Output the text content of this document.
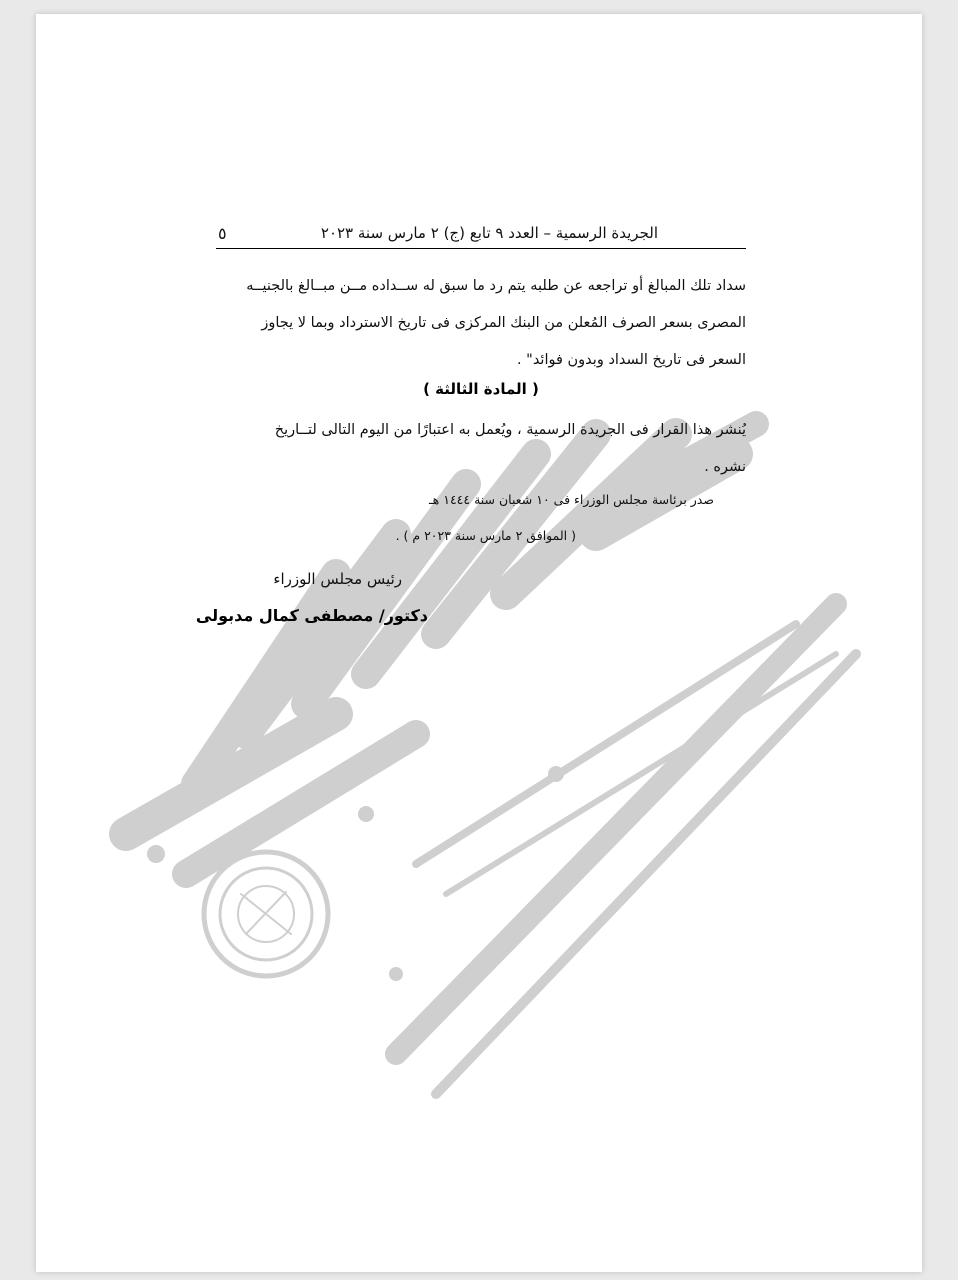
الجريدة الرسمية – العدد ٩ تابع (ج) ٢ مارس سنة ٢٠٢٣
٥
سداد تلك المبالغ أو تراجعه عن طلبه يتم رد ما سبق له ســداده مــن مبــالغ بالجنيــه
المصرى بسعر الصرف المُعلن من البنك المركزى فى تاريخ الاسترداد وبما لا يجاوز
السعر فى تاريخ السداد وبدون فوائد" .
( المادة الثالثة )
يُنشر هذا القرار فى الجريدة الرسمية ، ويُعمل به اعتبارًا من اليوم التالى لتــاريخ
نشره .
صدر برئاسة مجلس الوزراء فى ١٠ شعبان سنة ١٤٤٤ هـ
( الموافق ٢ مارس سنة ٢٠٢٣ م ) .
رئيس مجلس الوزراء
دكتور/ مصطفى كمال مدبولى
